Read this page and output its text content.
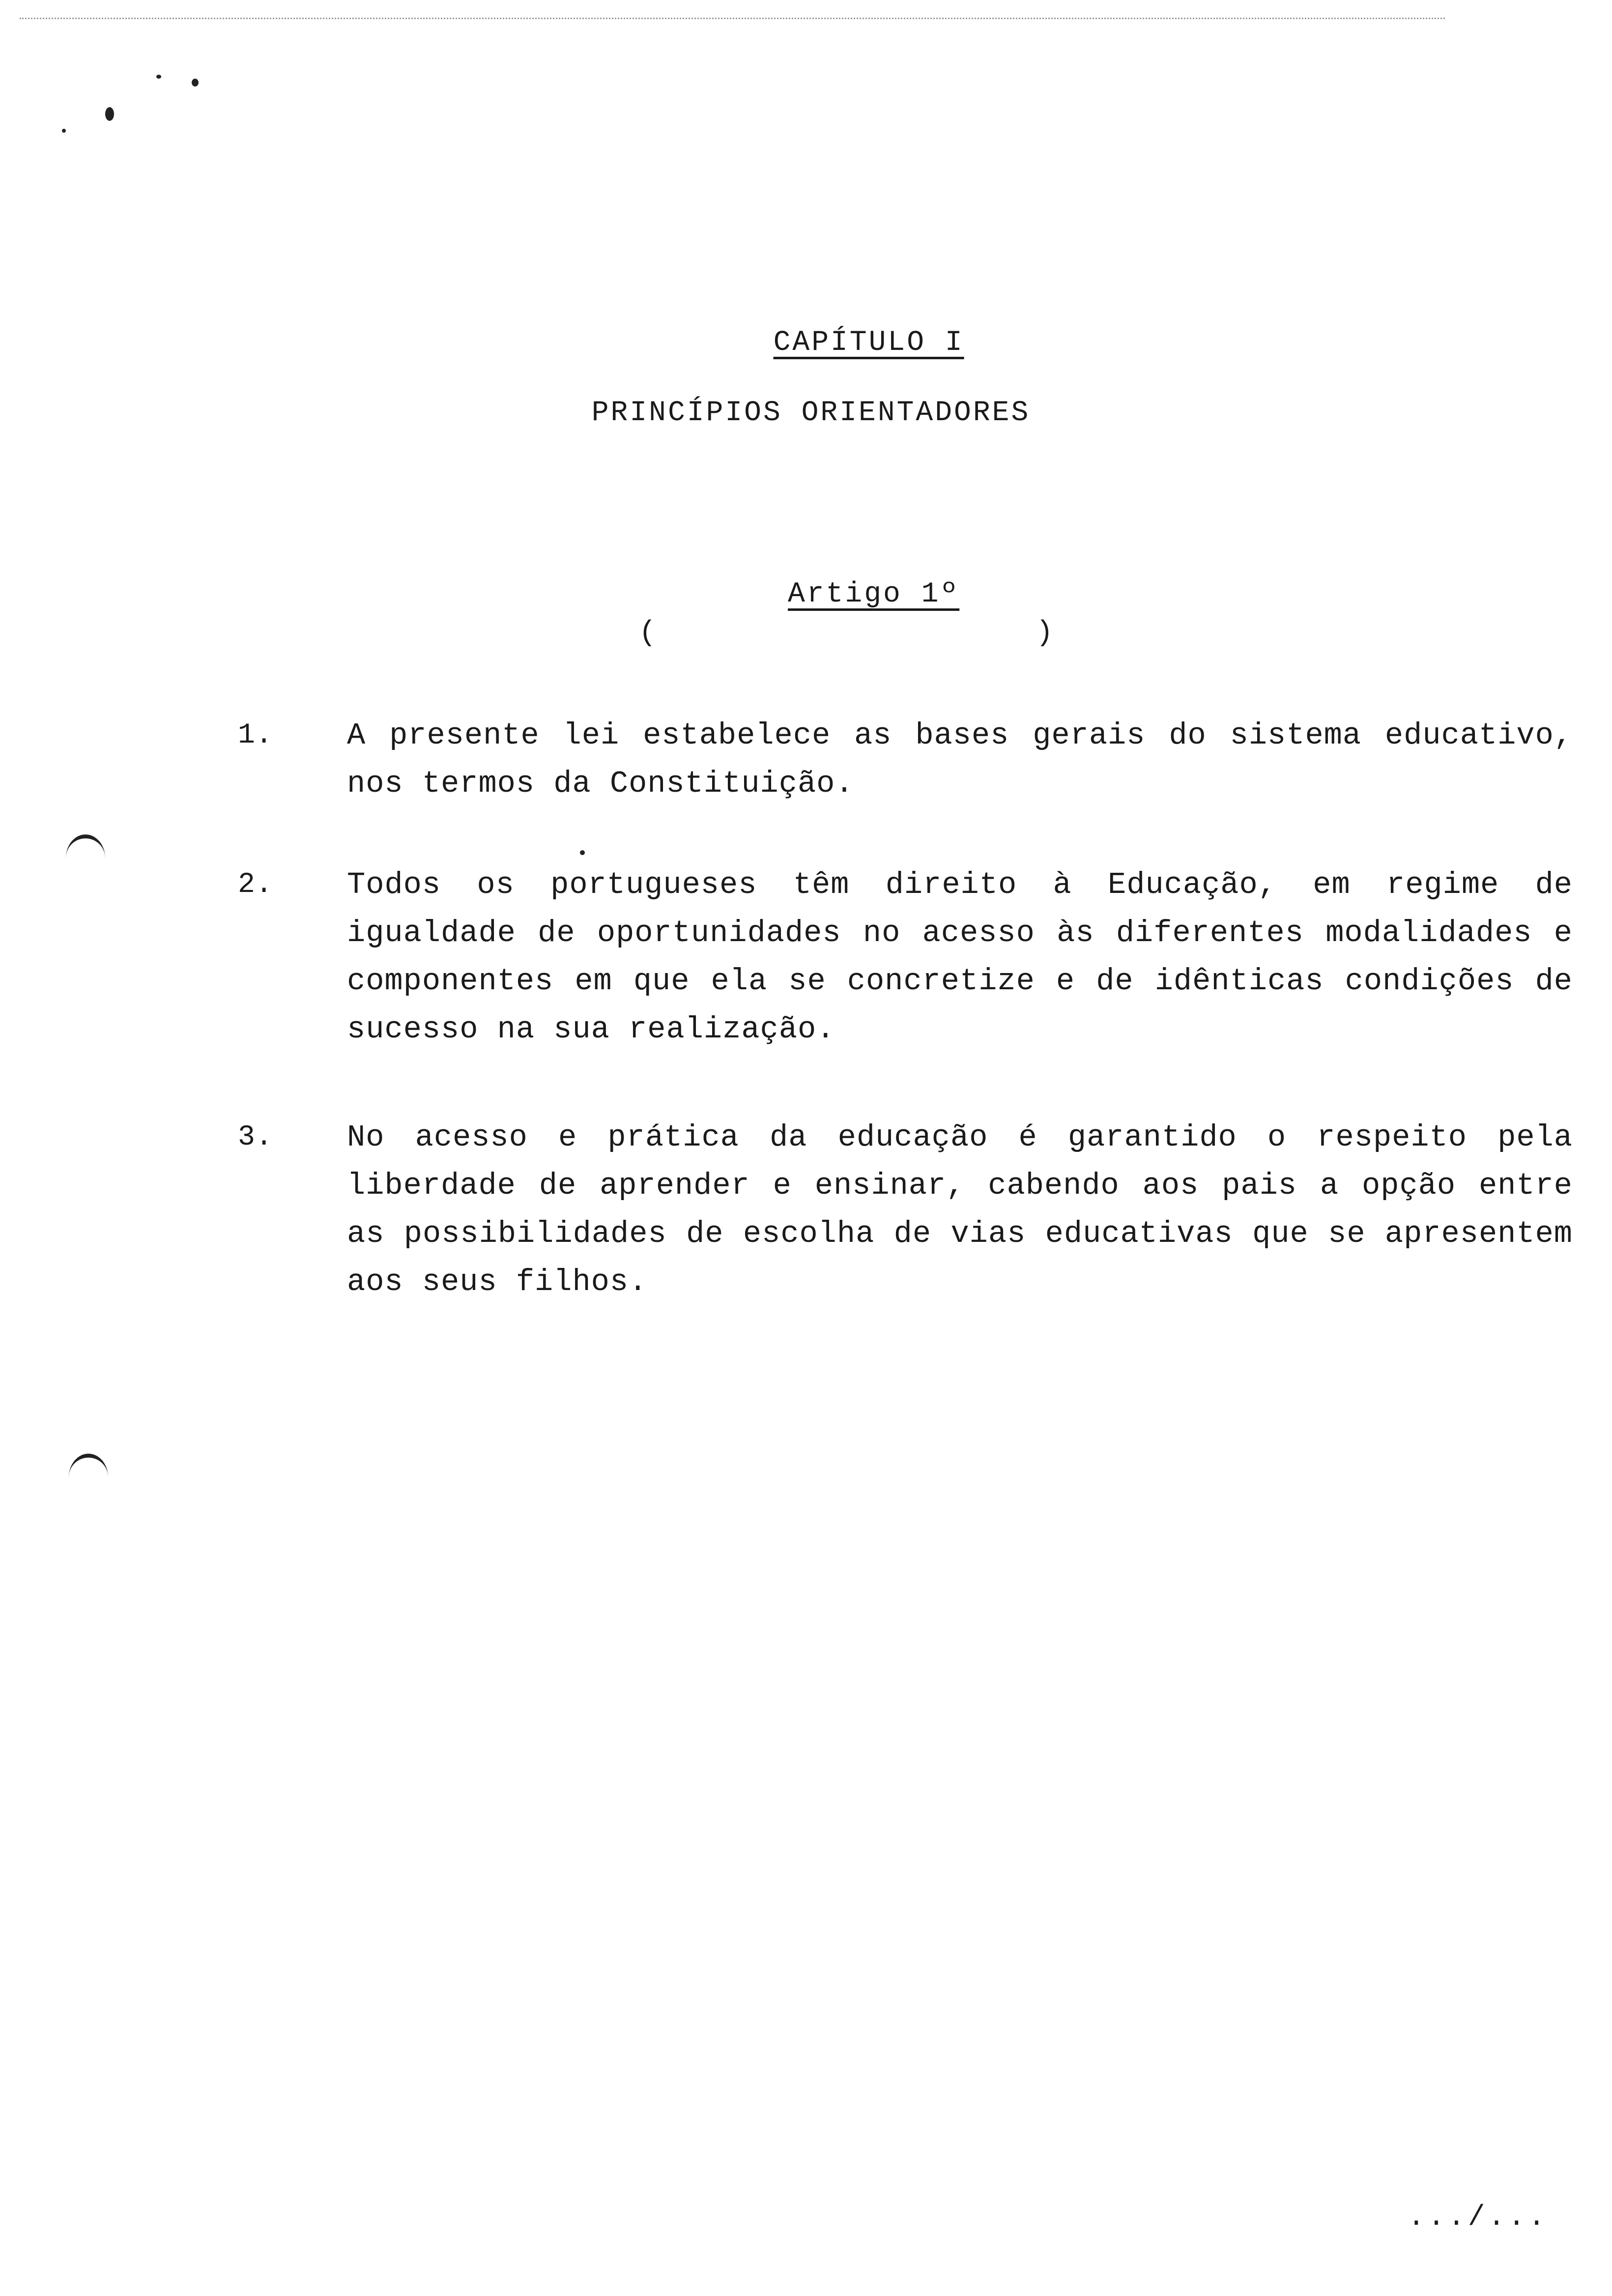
CAPÍTULO I

PRINCÍPIOS ORIENTADORES

Artigo 1º

(	)
1.	A presente lei estabelece as bases gerais do sistema educativo, nos termos da Constituição.
2.	Todos os portugueses têm direito à Educação, em regime de igualdade de oportunidades no acesso às diferentes modalidades e componentes em que ela se concretize e de idênticas condições de sucesso na sua realização.
3.	No acesso e prática da educação é garantido o respeito pela liberdade de aprender e ensinar, cabendo aos pais a opção entre as possibilidades de escolha de vias educativas que se apresentem aos seus filhos.
.../...
